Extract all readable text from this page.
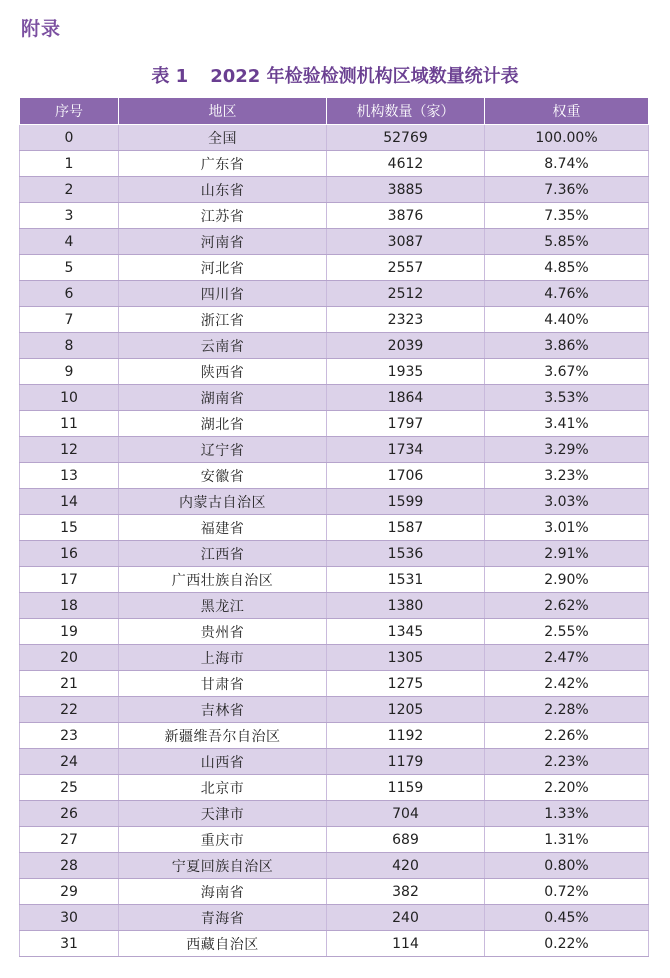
附录
表 1 2022 年检验检测机构区域数量统计表
序号	地区	机构数量（家）	权重
0	全国	52769	100.00%
1	广东省	4612	8.74%
2	山东省	3885	7.36%
3	江苏省	3876	7.35%
4	河南省	3087	5.85%
5	河北省	2557	4.85%
6	四川省	2512	4.76%
7	浙江省	2323	4.40%
8	云南省	2039	3.86%
9	陕西省	1935	3.67%
10	湖南省	1864	3.53%
11	湖北省	1797	3.41%
12	辽宁省	1734	3.29%
13	安徽省	1706	3.23%
14	内蒙古自治区	1599	3.03%
15	福建省	1587	3.01%
16	江西省	1536	2.91%
17	广西壮族自治区	1531	2.90%
18	黑龙江	1380	2.62%
19	贵州省	1345	2.55%
20	上海市	1305	2.47%
21	甘肃省	1275	2.42%
22	吉林省	1205	2.28%
23	新疆维吾尔自治区	1192	2.26%
24	山西省	1179	2.23%
25	北京市	1159	2.20%
26	天津市	704	1.33%
27	重庆市	689	1.31%
28	宁夏回族自治区	420	0.80%
29	海南省	382	0.72%
30	青海省	240	0.45%
31	西藏自治区	114	0.22%
